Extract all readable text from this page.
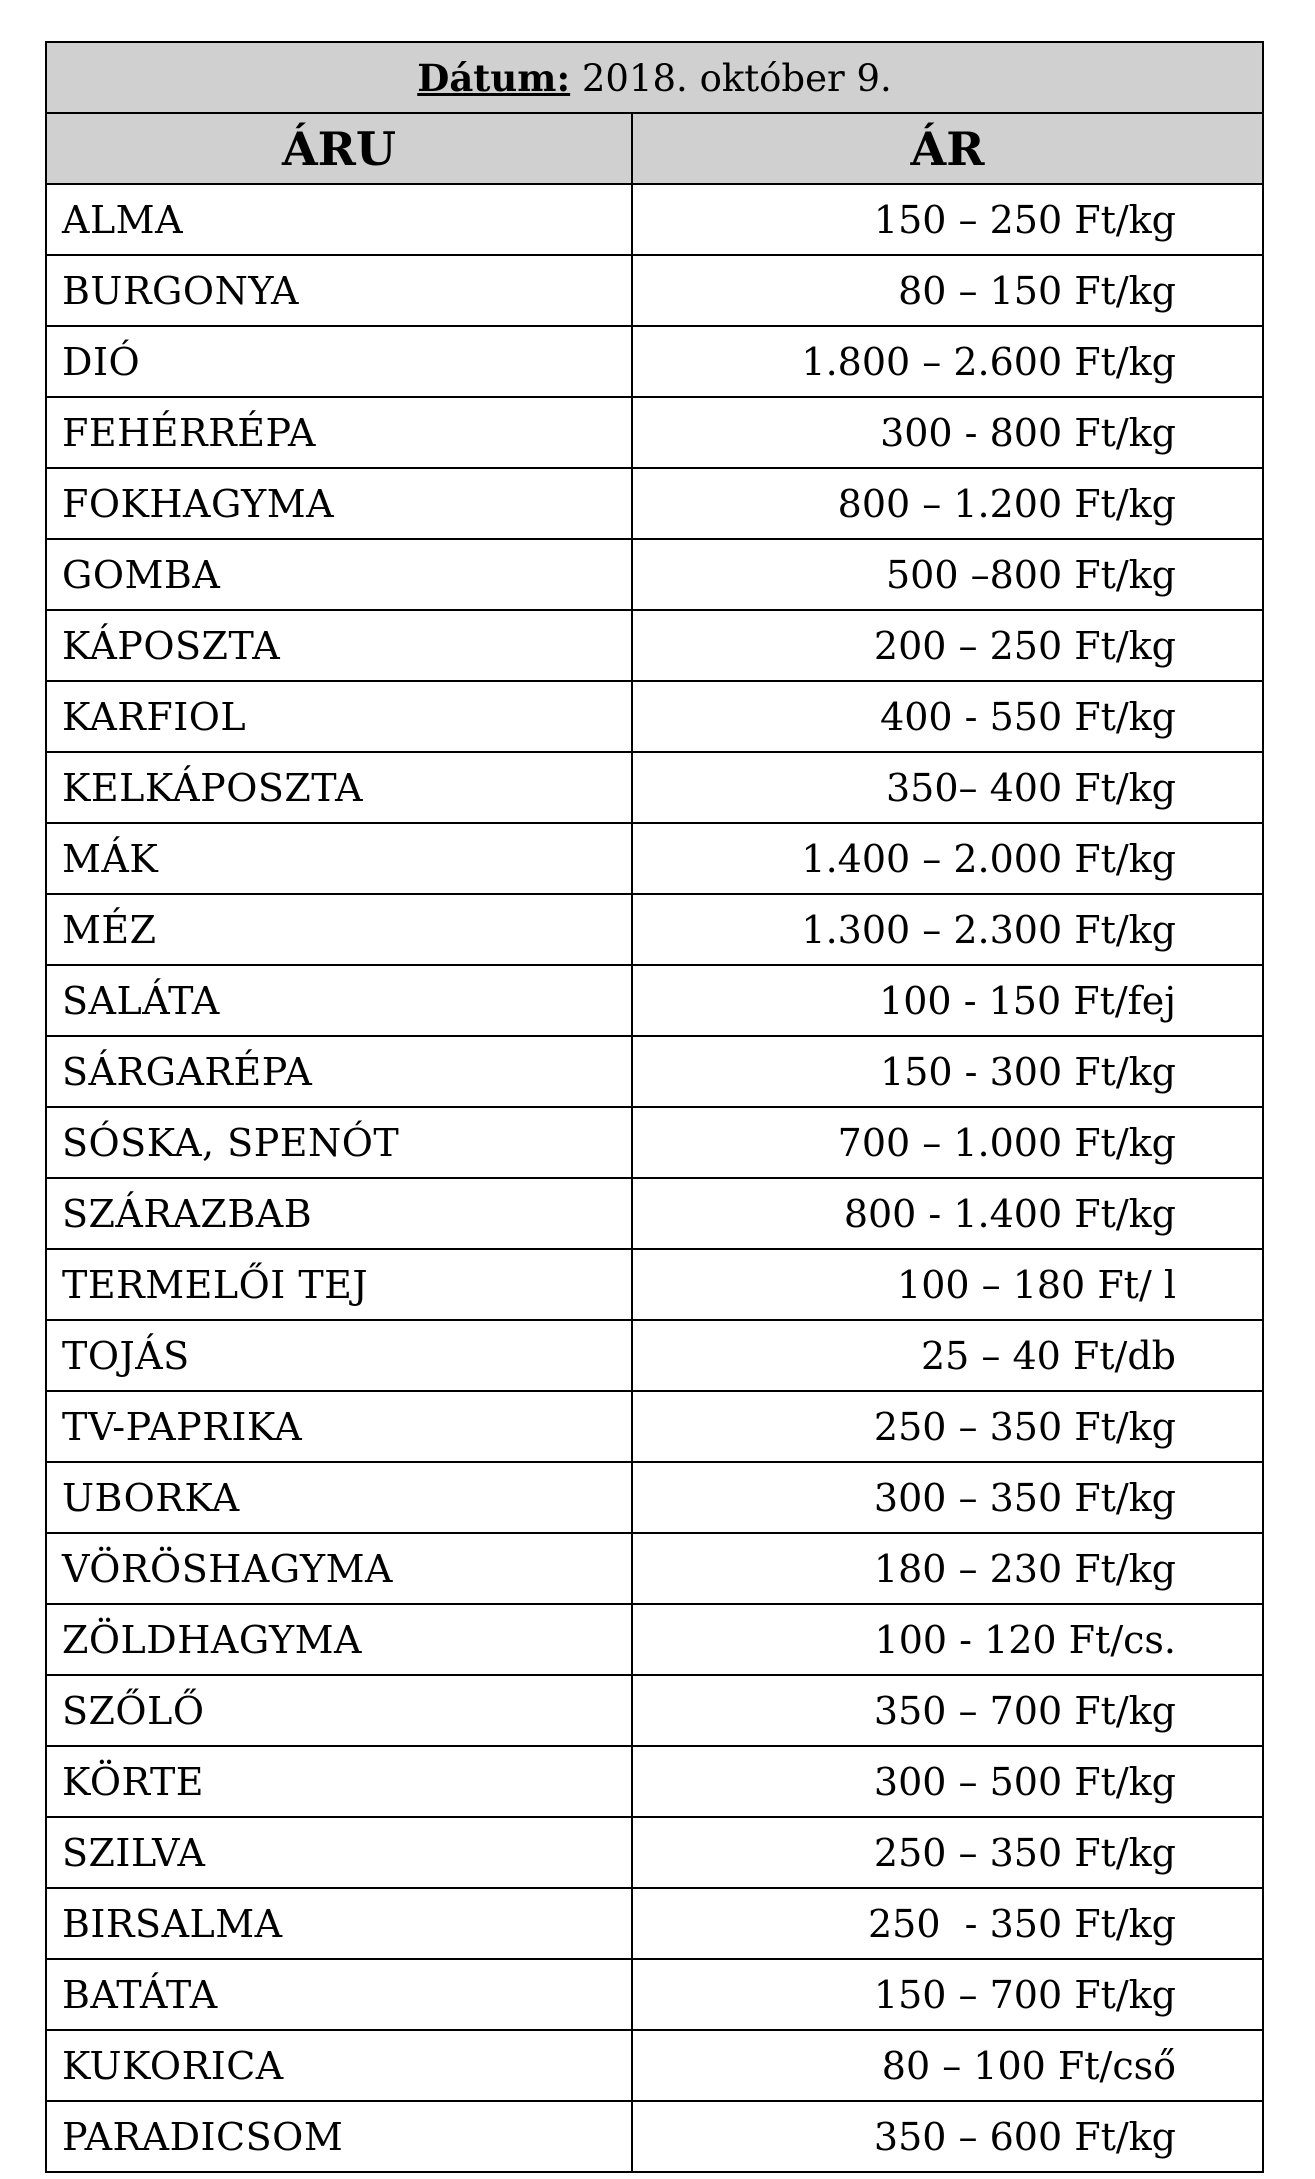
Dátum: 2018. október 9.	
ÁRU	ÁR
ALMA	150 – 250 Ft/kg
BURGONYA	80 – 150 Ft/kg
DIÓ	1.800 – 2.600 Ft/kg
FEHÉRRÉPA	300 - 800 Ft/kg
FOKHAGYMA	800 – 1.200 Ft/kg
GOMBA	500 –800 Ft/kg
KÁPOSZTA	200 – 250 Ft/kg
KARFIOL	400 - 550 Ft/kg
KELKÁPOSZTA	350– 400 Ft/kg
MÁK	1.400 – 2.000 Ft/kg
MÉZ	1.300 – 2.300 Ft/kg
SALÁTA	100 - 150 Ft/fej
SÁRGARÉPA	150 - 300 Ft/kg
SÓSKA, SPENÓT	700 – 1.000 Ft/kg
SZÁRAZBAB	800 - 1.400 Ft/kg
TERMELŐI TEJ	100 – 180 Ft/ l
TOJÁS	25 – 40 Ft/db
TV-PAPRIKA	250 – 350 Ft/kg
UBORKA	300 – 350 Ft/kg
VÖRÖSHAGYMA	180 – 230 Ft/kg
ZÖLDHAGYMA	100 - 120 Ft/cs.
SZŐLŐ	350 – 700 Ft/kg
KÖRTE	300 – 500 Ft/kg
SZILVA	250 – 350 Ft/kg
BIRSALMA	250  - 350 Ft/kg
BATÁTA	150 – 700 Ft/kg
KUKORICA	80 – 100 Ft/cső
PARADICSOM	350 – 600 Ft/kg
